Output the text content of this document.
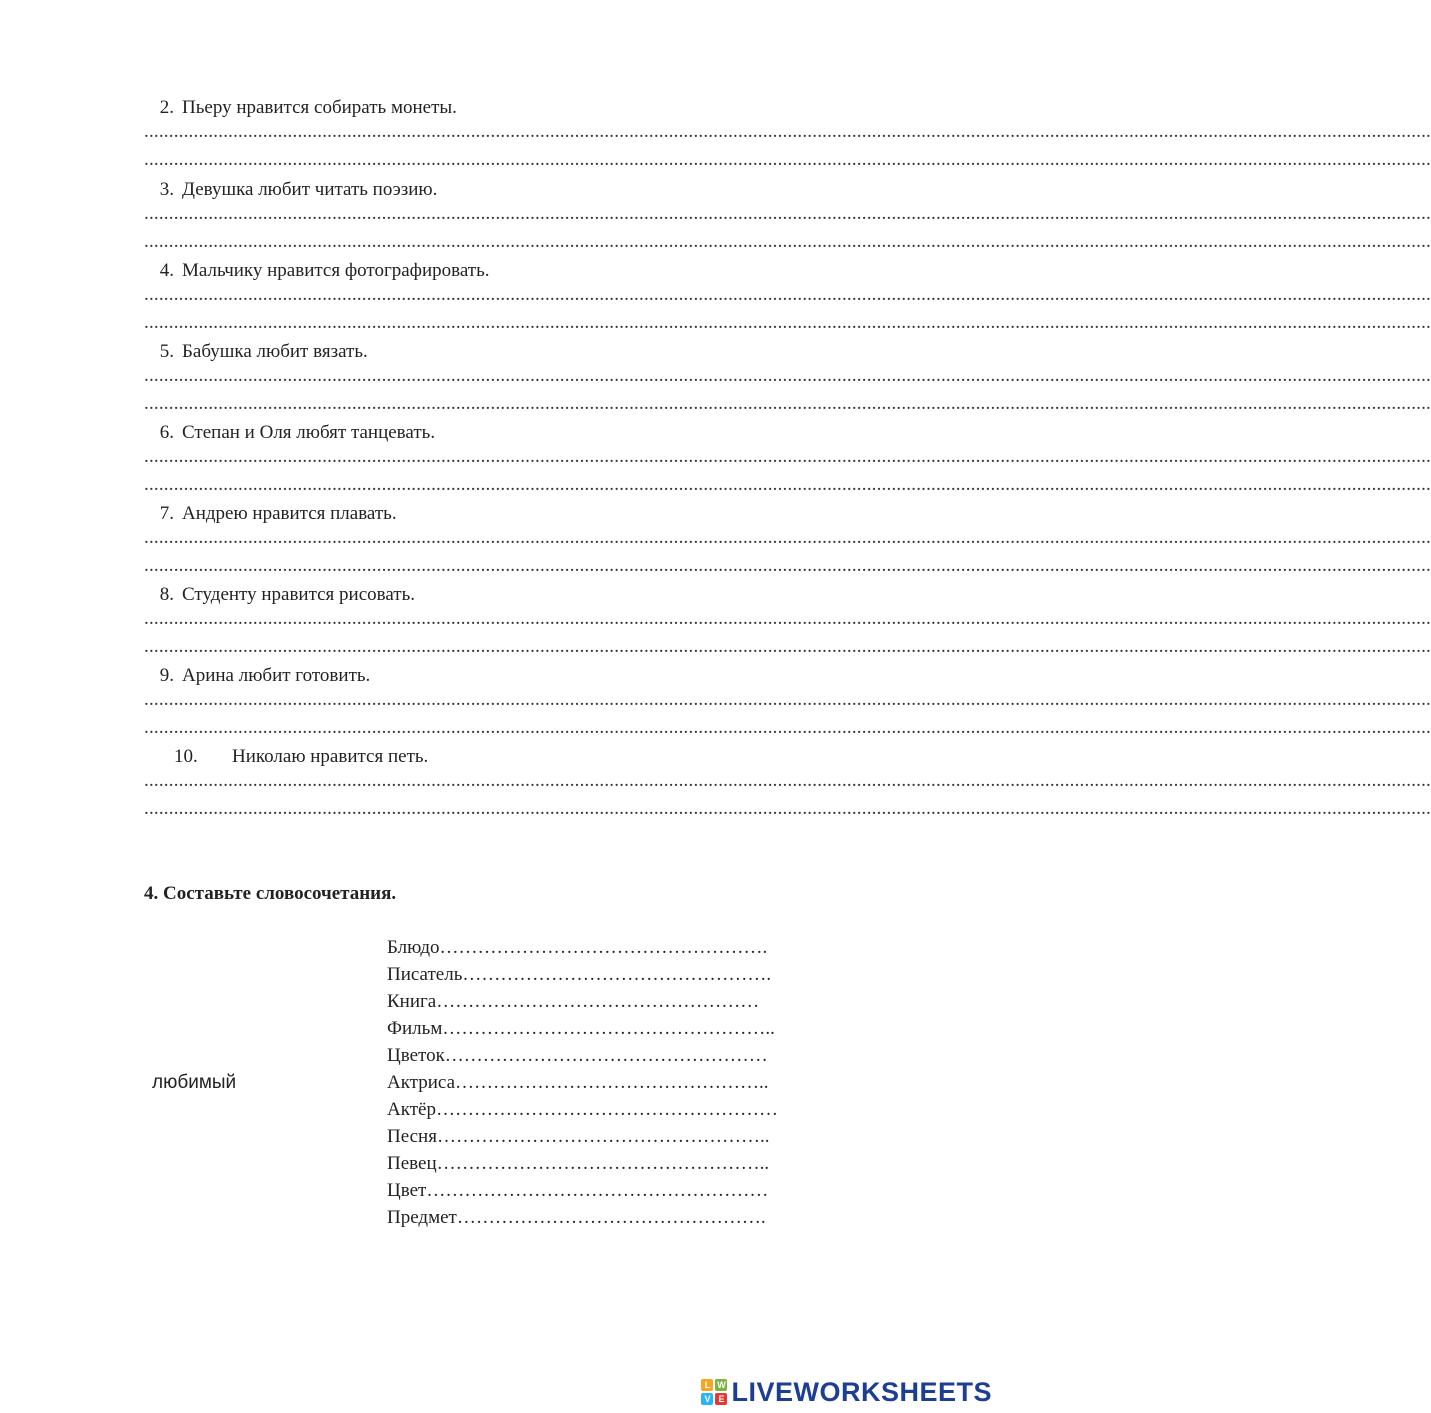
2. Пьеру нравится собирать монеты.
....................................................................................................................................................................................................................................................................
....................................................................................................................................................................................................................................................................
3. Девушка любит читать поэзию.
....................................................................................................................................................................................................................................................................
....................................................................................................................................................................................................................................................................
4. Мальчику нравится фотографировать.
....................................................................................................................................................................................................................................................................
....................................................................................................................................................................................................................................................................
5. Бабушка любит вязать.
....................................................................................................................................................................................................................................................................
....................................................................................................................................................................................................................................................................
6. Степан и Оля любят танцевать.
....................................................................................................................................................................................................................................................................
....................................................................................................................................................................................................................................................................
7. Андрею нравится плавать.
....................................................................................................................................................................................................................................................................
....................................................................................................................................................................................................................................................................
8. Студенту нравится рисовать.
....................................................................................................................................................................................................................................................................
....................................................................................................................................................................................................................................................................
9. Арина любит готовить.
....................................................................................................................................................................................................................................................................
....................................................................................................................................................................................................................................................................
10. Николаю нравится петь.
....................................................................................................................................................................................................................................................................
....................................................................................................................................................................................................................................................................
4. Составьте словосочетания.
любимый
Блюдо…………………………………………….
Писатель………………………………………….
Книга……………………………………………
Фильм……………………………………………..
Цветок……………………………………………
Актриса…………………………………………..
Актёр………………………………………………
Песня……………………………………………..
Певец……………………………………………..
Цвет………………………………………………
Предмет………………………………………….
L W
V E LIVEWORKSHEETS
